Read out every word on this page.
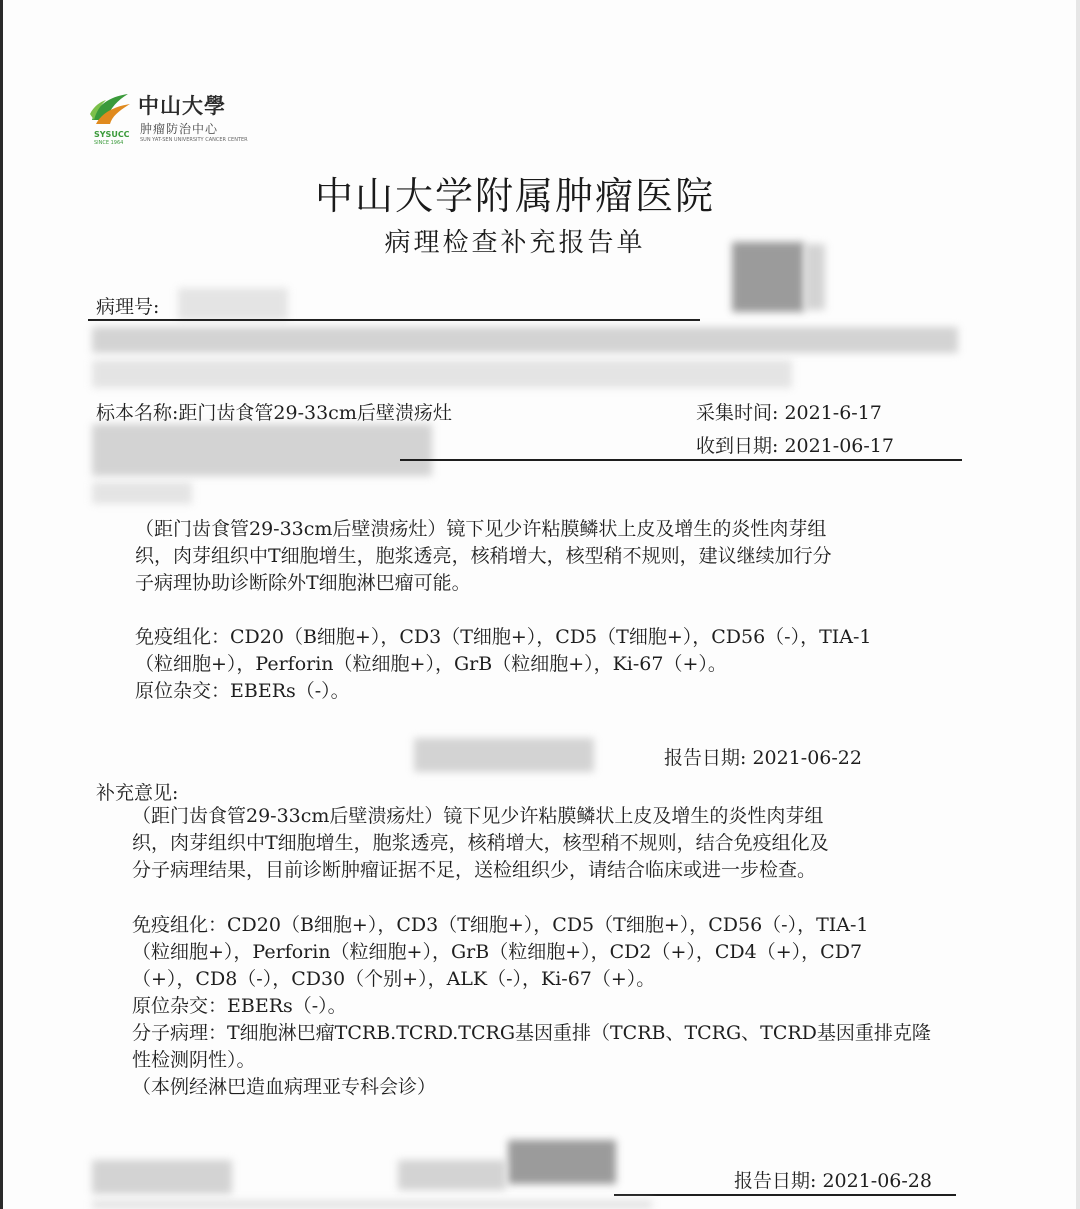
中山大學
肿瘤防治中心
SUN YAT-SEN UNIVERSITY CANCER CENTER
SYSUCC
SINCE 1964
中山大学附属肿瘤医院
病理检查补充报告单
病理号:
标本名称:距门齿食管29-33cm后壁溃疡灶	采集时间: 2021-6-17
收到日期: 2021-06-17
（距门齿食管29-33cm后壁溃疡灶）镜下见少许粘膜鳞状上皮及增生的炎性肉芽组
织，肉芽组织中T细胞增生，胞浆透亮，核稍增大，核型稍不规则，建议继续加行分
子病理协助诊断除外T细胞淋巴瘤可能。
免疫组化：CD20（B细胞+），CD3（T细胞+），CD5（T细胞+），CD56（-），TIA-1
（粒细胞+），Perforin（粒细胞+），GrB（粒细胞+），Ki-67（+）。
原位杂交：EBERs（-）。
报告日期: 2021-06-22
补充意见:
（距门齿食管29-33cm后壁溃疡灶）镜下见少许粘膜鳞状上皮及增生的炎性肉芽组
织，肉芽组织中T细胞增生，胞浆透亮，核稍增大，核型稍不规则，结合免疫组化及
分子病理结果，目前诊断肿瘤证据不足，送检组织少，请结合临床或进一步检查。
免疫组化：CD20（B细胞+），CD3（T细胞+），CD5（T细胞+），CD56（-），TIA-1
（粒细胞+），Perforin（粒细胞+），GrB（粒细胞+），CD2（+），CD4（+），CD7
（+），CD8（-），CD30（个别+），ALK（-），Ki-67（+）。
原位杂交：EBERs（-）。
分子病理：T细胞淋巴瘤TCRB.TCRD.TCRG基因重排（TCRB、TCRG、TCRD基因重排克隆
性检测阴性）。
（本例经淋巴造血病理亚专科会诊）
报告日期: 2021-06-28
